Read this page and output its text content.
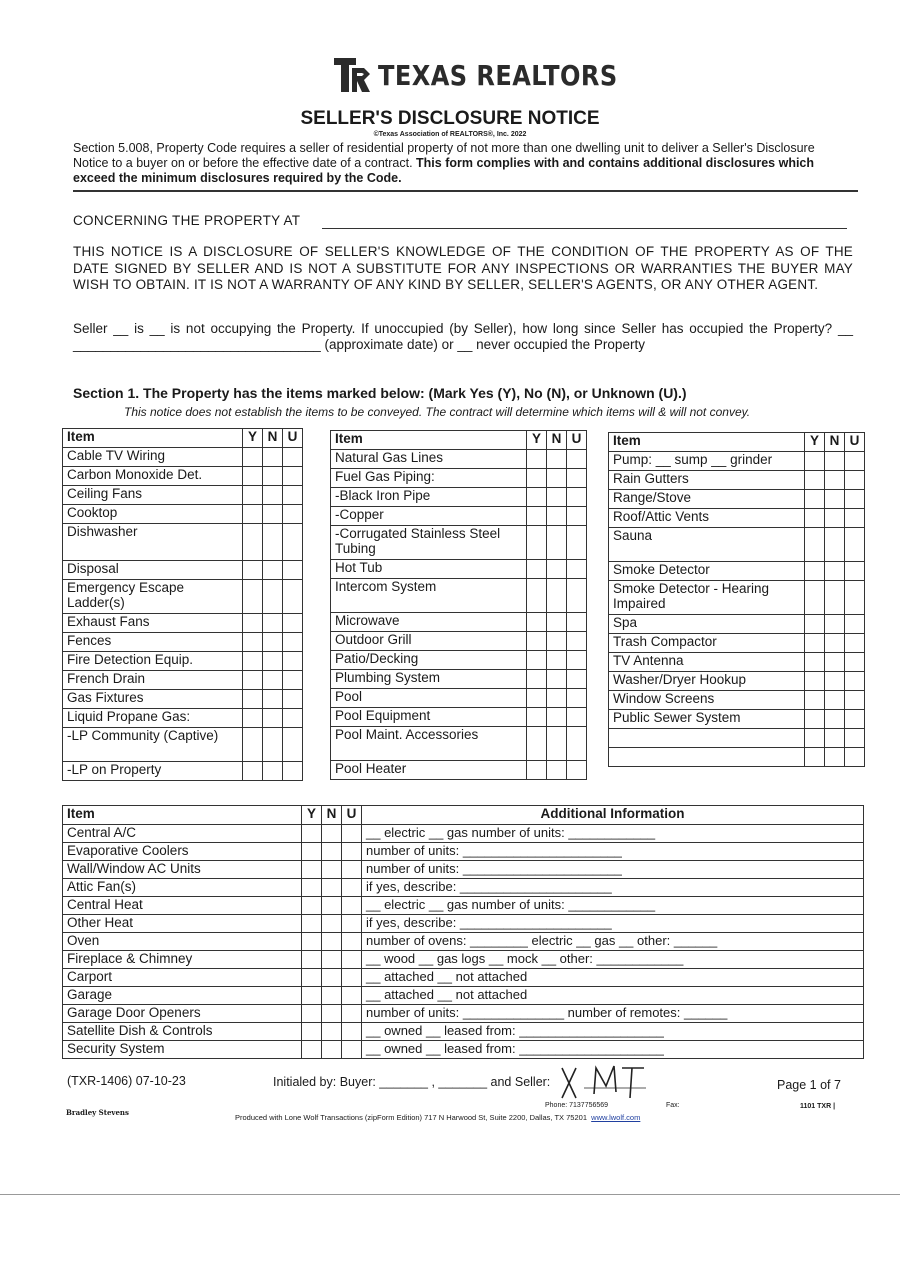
TEXAS REALTORS
SELLER'S DISCLOSURE NOTICE
©Texas Association of REALTORS®, Inc. 2022
Section 5.008, Property Code requires a seller of residential property of not more than one dwelling unit to deliver a Seller's Disclosure Notice to a buyer on or before the effective date of a contract. This form complies with and contains additional disclosures which exceed the minimum disclosures required by the Code.
CONCERNING THE PROPERTY AT
THIS NOTICE IS A DISCLOSURE OF SELLER'S KNOWLEDGE OF THE CONDITION OF THE PROPERTY AS OF THE DATE SIGNED BY SELLER AND IS NOT A SUBSTITUTE FOR ANY INSPECTIONS OR WARRANTIES THE BUYER MAY WISH TO OBTAIN. IT IS NOT A WARRANTY OF ANY KIND BY SELLER, SELLER'S AGENTS, OR ANY OTHER AGENT.
Seller __ is __ is not occupying the Property. If unoccupied (by Seller), how long since Seller has occupied the Property? __ _________________________________ (approximate date) or __ never occupied the Property
Section 1. The Property has the items marked below: (Mark Yes (Y), No (N), or Unknown (U).)
This notice does not establish the items to be conveyed. The contract will determine which items will & will not convey.
Item	Y	N	U
Cable TV Wiring			
Carbon Monoxide Det.			
Ceiling Fans			
Cooktop			
Dishwasher			
Disposal			
Emergency Escape Ladder(s)			
Exhaust Fans			
Fences			
Fire Detection Equip.			
French Drain			
Gas Fixtures			
Liquid Propane Gas:			
-LP Community (Captive)			
-LP on Property			
Item	Y	N	U
Natural Gas Lines			
Fuel Gas Piping:			
-Black Iron Pipe			
-Copper			
-Corrugated Stainless Steel Tubing			
Hot Tub			
Intercom System			
Microwave			
Outdoor Grill			
Patio/Decking			
Plumbing System			
Pool			
Pool Equipment			
Pool Maint. Accessories			
Pool Heater			
Item	Y	N	U
Pump: __ sump __ grinder			
Rain Gutters			
Range/Stove			
Roof/Attic Vents			
Sauna			
Smoke Detector			
Smoke Detector - Hearing Impaired			
Spa			
Trash Compactor			
TV Antenna			
Washer/Dryer Hookup			
Window Screens			
Public Sewer System			

Item	Y	N	U	Additional Information
Central A/C				__ electric __ gas number of units: ____________
Evaporative Coolers				number of units: ______________________
Wall/Window AC Units				number of units: ______________________
Attic Fan(s)				if yes, describe: _____________________
Central Heat				__ electric __ gas number of units: ____________
Other Heat				if yes, describe: _____________________
Oven				number of ovens: ________ electric __ gas __ other: ______
Fireplace & Chimney				__ wood __ gas logs __ mock __ other: ____________
Carport				__ attached __ not attached
Garage				__ attached __ not attached
Garage Door Openers				number of units: ______________ number of remotes: ______
Satellite Dish & Controls				__ owned __ leased from: ____________________
Security System				__ owned __ leased from: ____________________
(TXR-1406) 07-10-23	Initialed by: Buyer: _______ , _______ and Seller:	Page 1 of 7
Phone: 7137756569	Fax:
Bradley Stevens
Produced with Lone Wolf Transactions (zipForm Edition) 717 N Harwood St, Suite 2200, Dallas, TX 75201 www.lwolf.com
1101 TXR |
